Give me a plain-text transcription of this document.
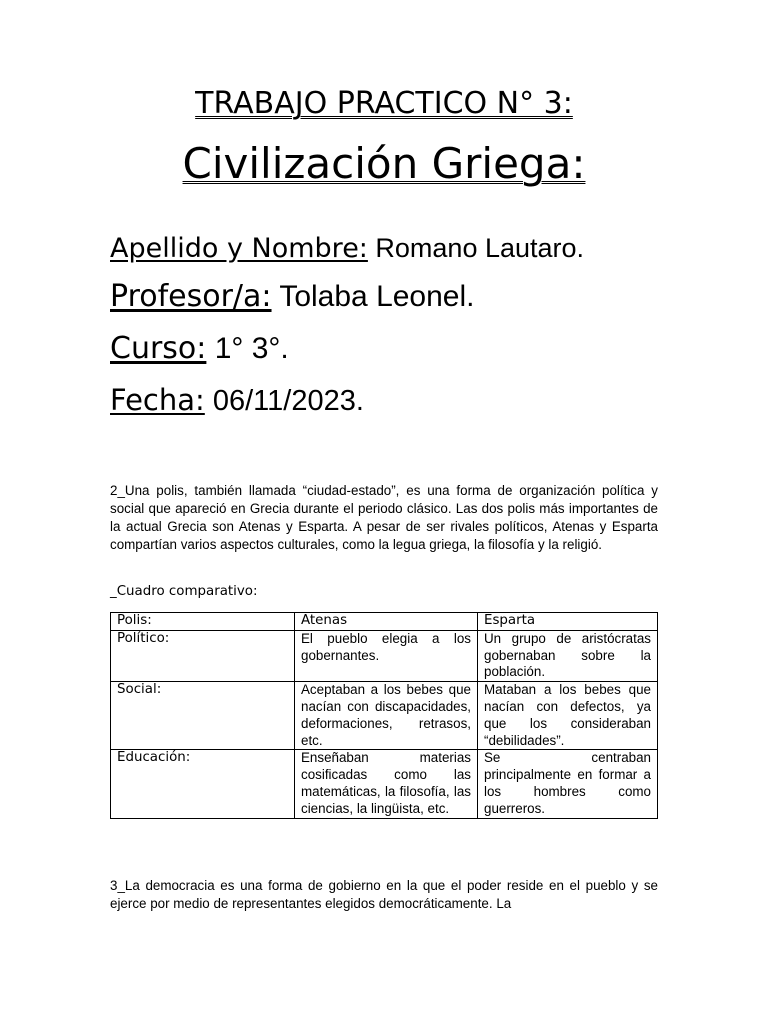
TRABAJO PRACTICO N° 3:
Civilización Griega:
Apellido y Nombre: Romano Lautaro.
Profesor/a: Tolaba Leonel.
Curso: 1° 3°.
Fecha: 06/11/2023.

2_Una polis, también llamada “ciudad-estado”, es una forma de organización política y social que apareció en Grecia durante el periodo clásico. Las dos polis más importantes de la actual Grecia son Atenas y Esparta. A pesar de ser rivales políticos, Atenas y Esparta compartían varios aspectos culturales, como la legua griega, la filosofía y la religió.

_Cuadro comparativo:
Polis:	Atenas	Esparta
Político:	El pueblo elegia a los gobernantes.	Un grupo de aristócratas gobernaban sobre la población.
Social:	Aceptaban a los bebes que nacían con discapacidades, deformaciones, retrasos, etc.	Mataban a los bebes que nacían con defectos, ya que los consideraban “debilidades”.
Educación:	Enseñaban materias cosificadas como las matemáticas, la filosofía, las ciencias, la lingüista, etc.	Se centraban principalmente en formar a los hombres como guerreros.

3_La democracia es una forma de gobierno en la que el poder reside en el pueblo y se ejerce por medio de representantes elegidos democráticamente. La
